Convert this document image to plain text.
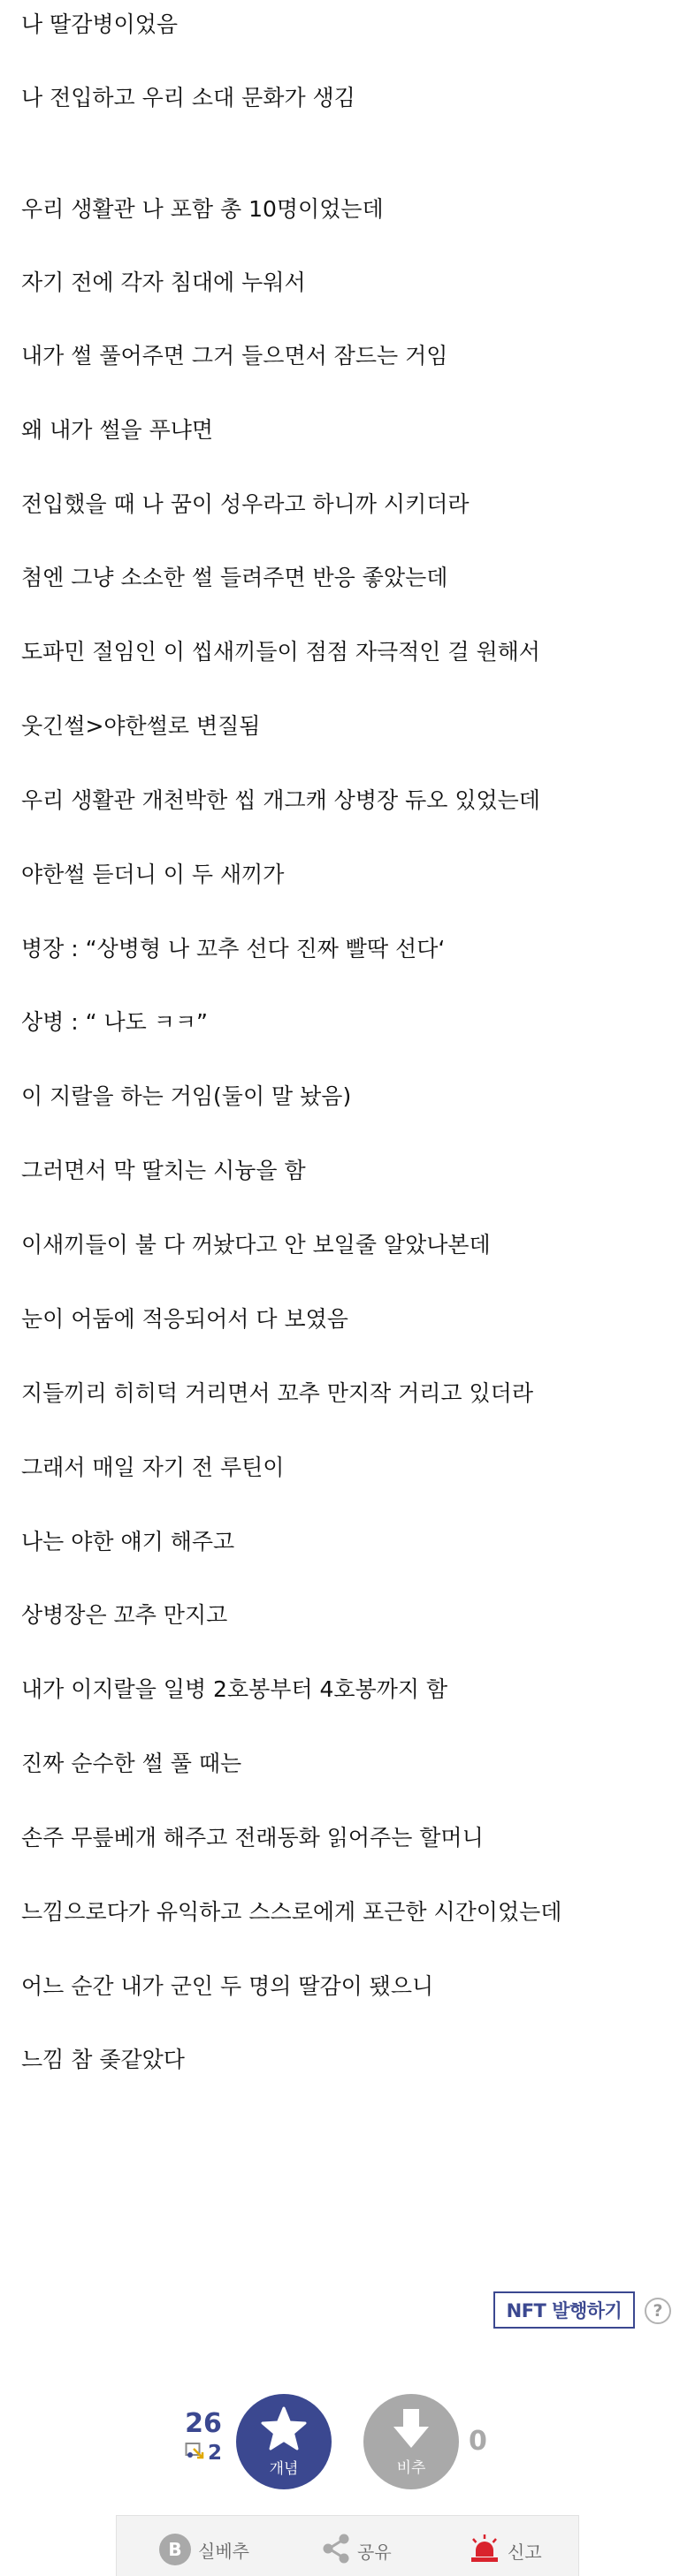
나 딸감병이었음
나 전입하고 우리 소대 문화가 생김
우리 생활관 나 포함 총 10명이었는데
자기 전에 각자 침대에 누워서
내가 썰 풀어주면 그거 들으면서 잠드는 거임
왜 내가 썰을 푸냐면
전입했을 때 나 꿈이 성우라고 하니까 시키더라
첨엔 그냥 소소한 썰 들려주면 반응 좋았는데
도파민 절임인 이 씹새끼들이 점점 자극적인 걸 원해서
웃긴썰>야한썰로 변질됨
우리 생활관 개천박한 씹 개그캐 상병장 듀오 있었는데
야한썰 듣더니 이 두 새끼가
병장 : “상병형 나 꼬추 선다 진짜 빨딱 선다‘
상병 : “ 나도 ㅋㅋ”
이 지랄을 하는 거임(둘이 말 놨음)
그러면서 막 딸치는 시늉을 함
이새끼들이 불 다 꺼놨다고 안 보일줄 알았나본데
눈이 어둠에 적응되어서 다 보였음
지들끼리 히히덕 거리면서 꼬추 만지작 거리고 있더라
그래서 매일 자기 전 루틴이
나는 야한 얘기 해주고
상병장은 꼬추 만지고
내가 이지랄을 일병 2호봉부터 4호봉까지 함
진짜 순수한 썰 풀 때는
손주 무릎베개 해주고 전래동화 읽어주는 할머니
느낌으로다가 유익하고 스스로에게 포근한 시간이었는데
어느 순간 내가 군인 두 명의 딸감이 됐으니
느낌 참 좆같았다
NFT 발행하기	?
26
2
개념	비추
0
B 실베추	공유	신고
